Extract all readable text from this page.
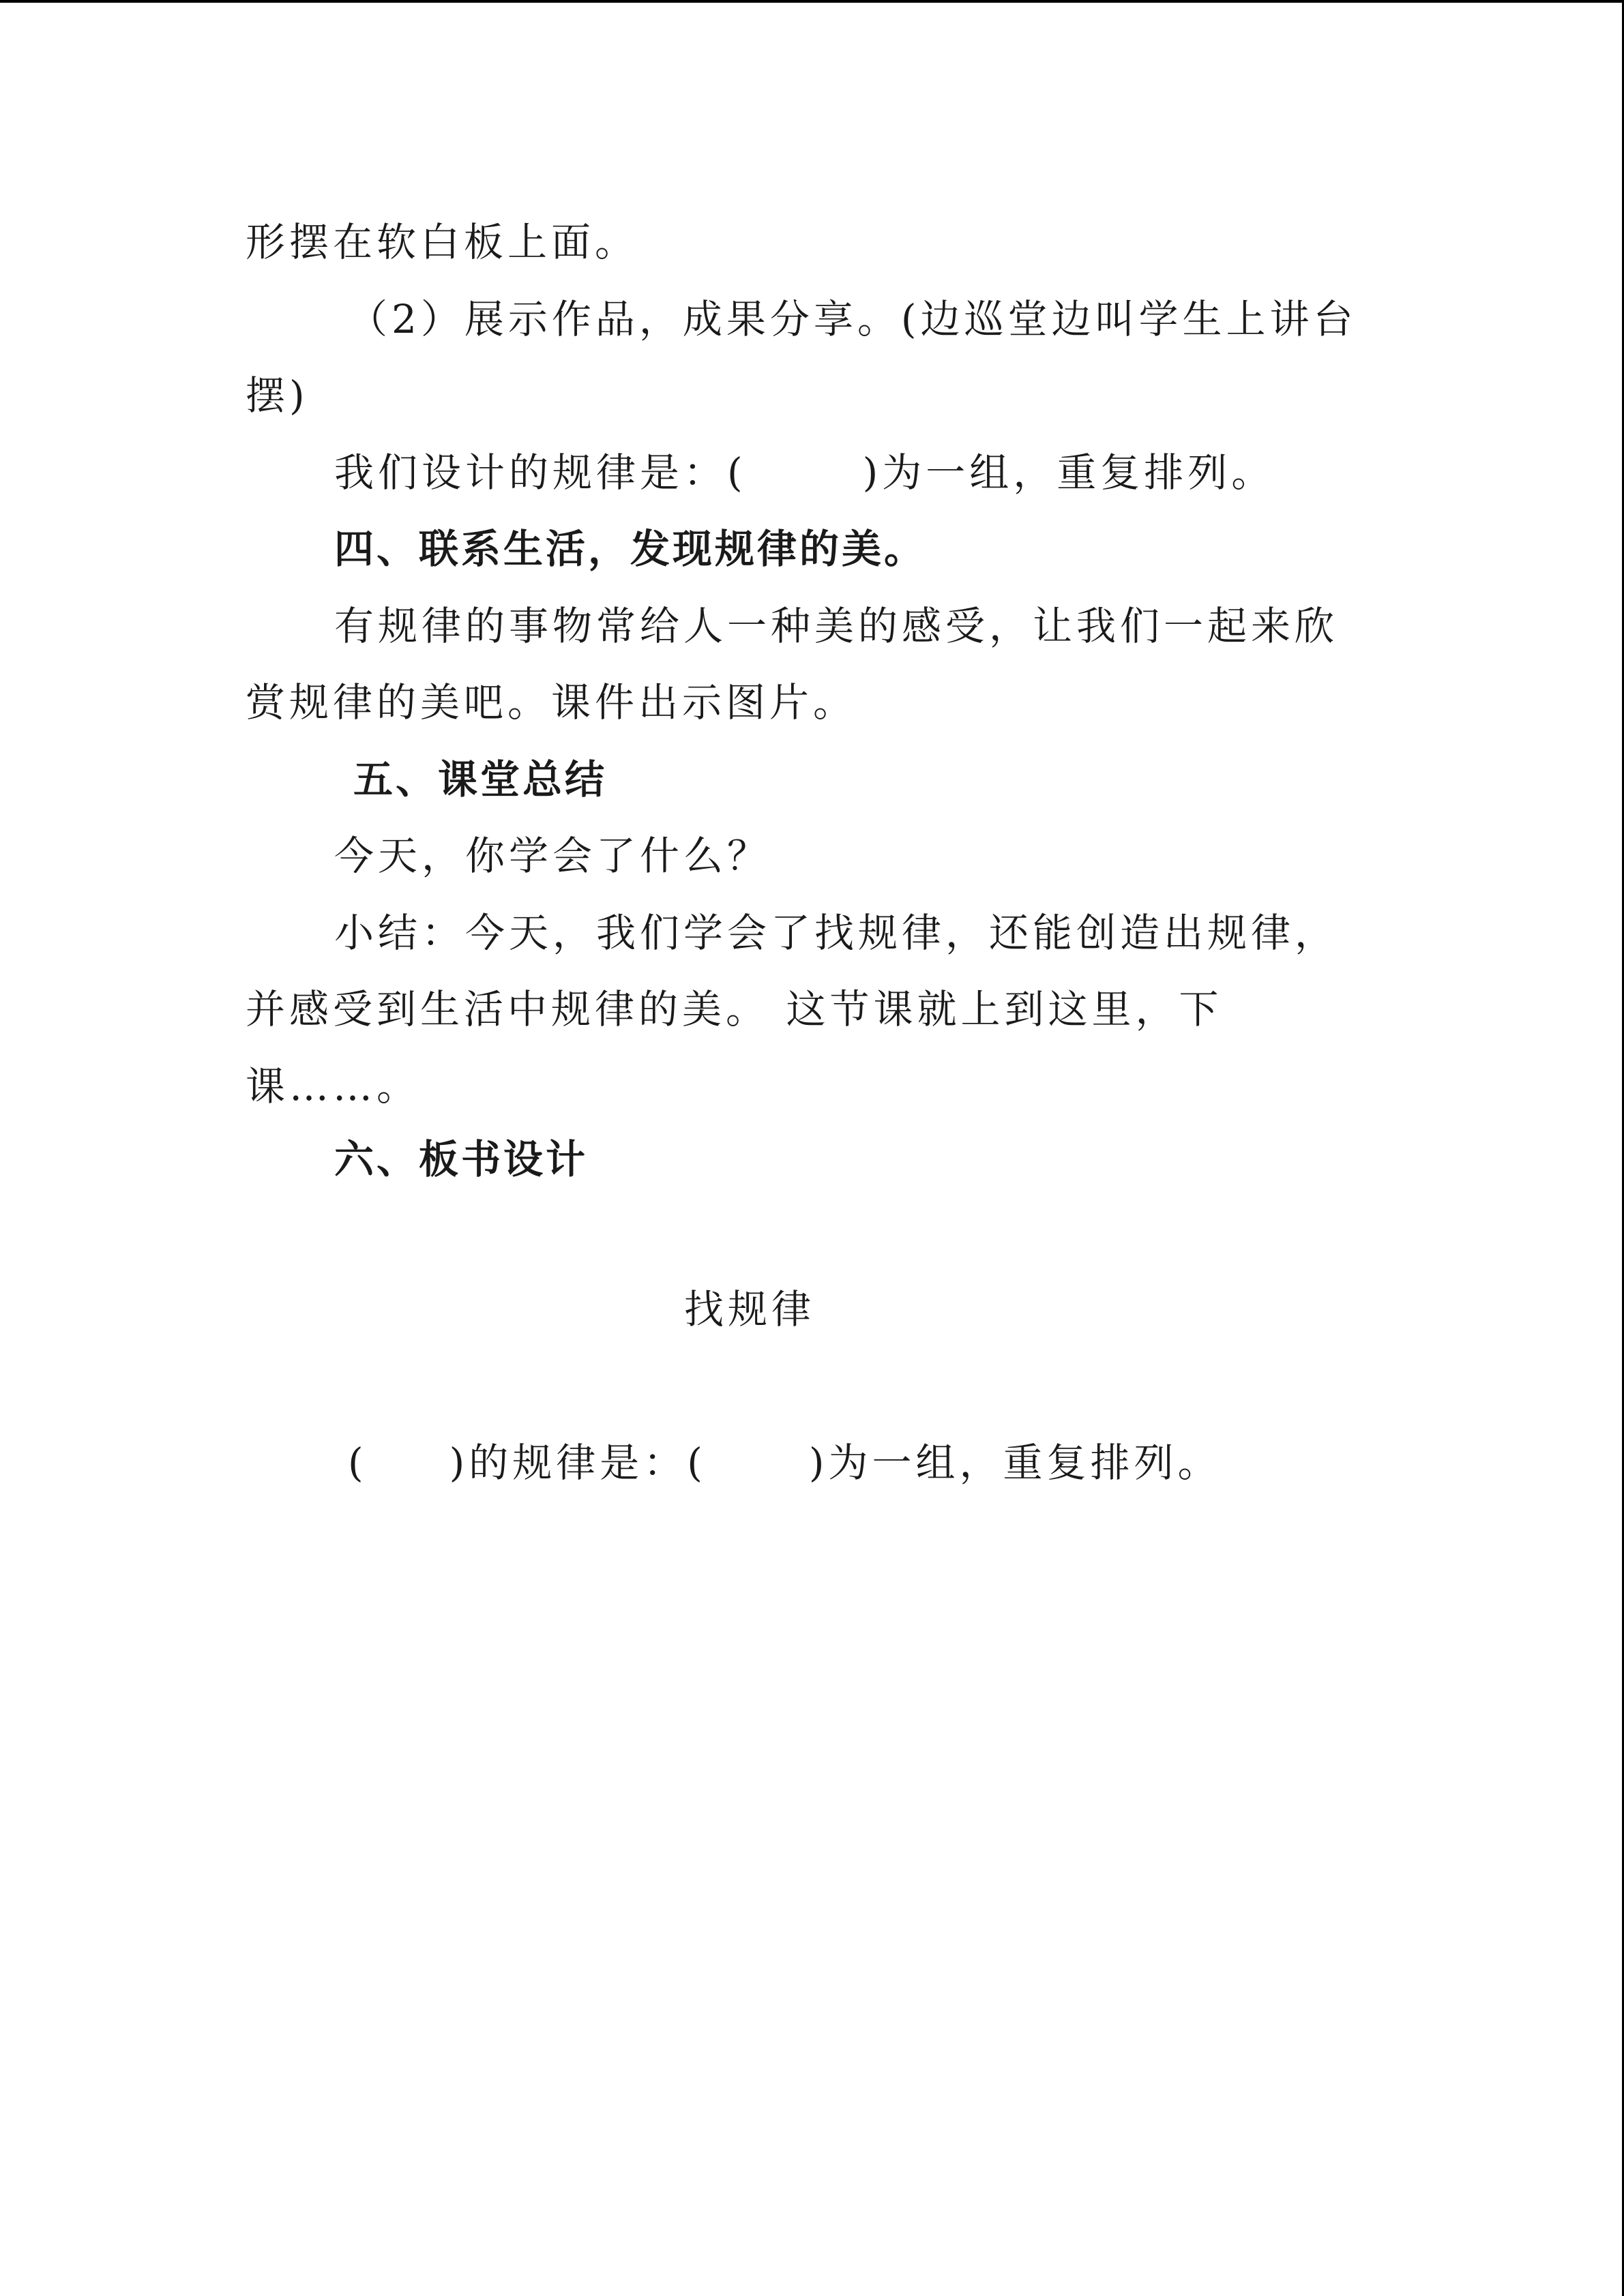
形摆在软白板上面。
（2）展示作品，成果分享。(边巡堂边叫学生上讲台
摆)
我们设计的规律是：(	)为一组，重复排列。
四、联系生活，发现规律的美。
有规律的事物常给人一种美的感受，让我们一起来欣
赏规律的美吧。课件出示图片。
五、课堂总结
今天，你学会了什么？
小结：今天，我们学会了找规律，还能创造出规律，
并感受到生活中规律的美。 这节课就上到这里，下
课……。
六、板书设计
找规律
( )的规律是：(	)为一组，重复排列。
